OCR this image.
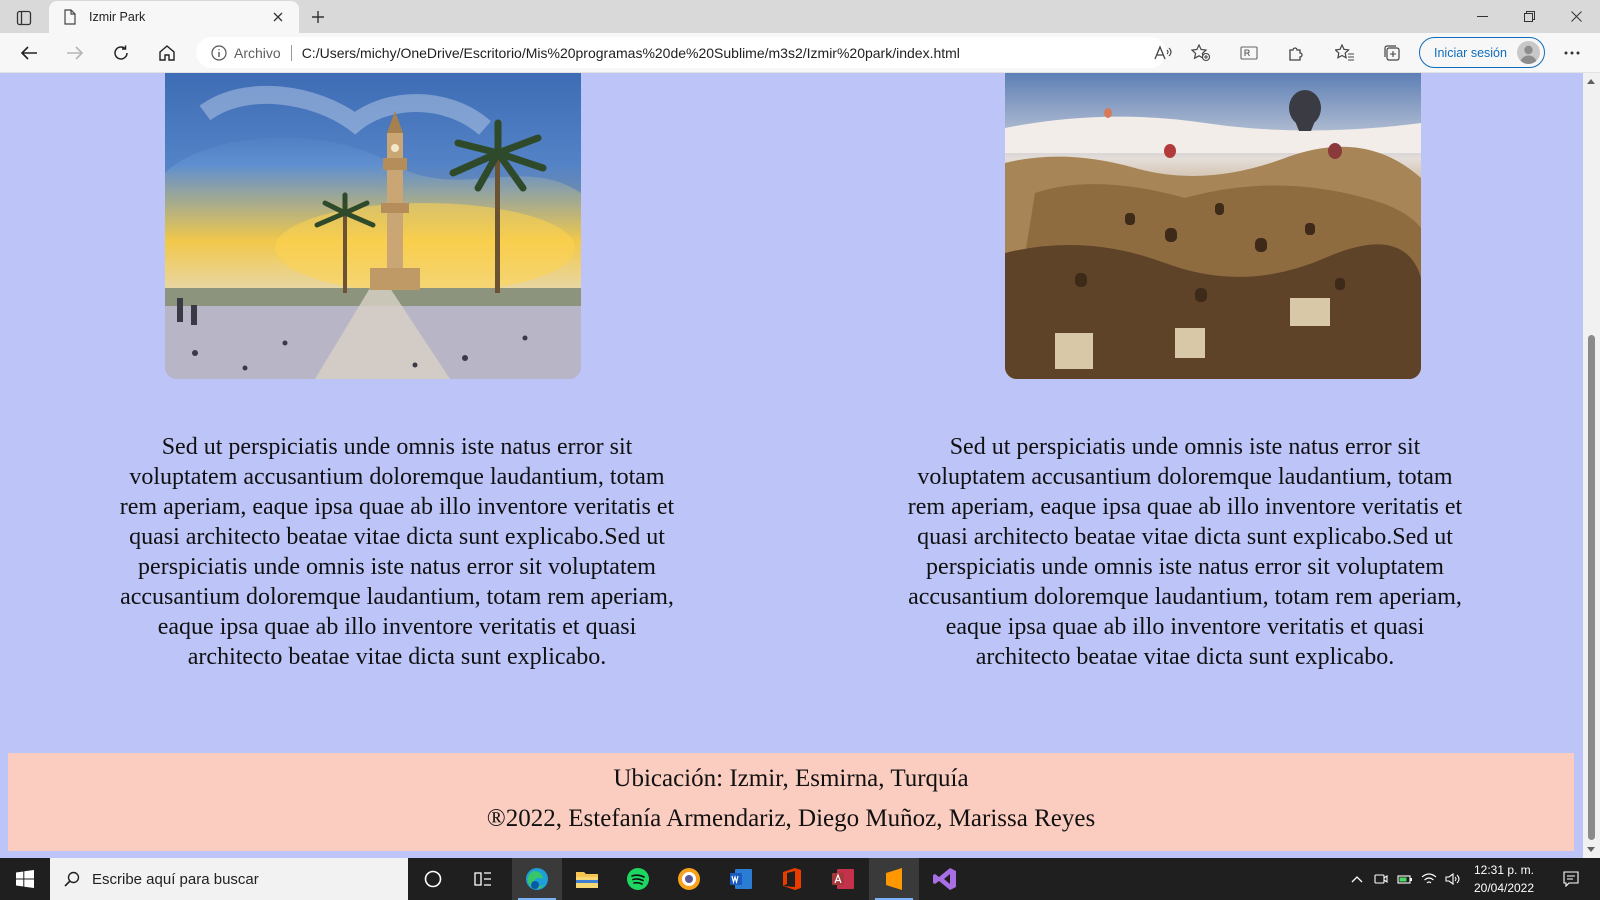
Izmir Park
Archivo C:/Users/michy/OneDrive/Escritorio/Mis%20programas%20de%20Sublime/m3s2/Izmir%20park/index.html	Iniciar sesión

Sed ut perspiciatis unde omnis iste natus error sit voluptatem accusantium doloremque laudantium, totam rem aperiam, eaque ipsa quae ab illo inventore veritatis et quasi architecto beatae vitae dicta sunt explicabo.Sed ut perspiciatis unde omnis iste natus error sit voluptatem accusantium doloremque laudantium, totam rem aperiam, eaque ipsa quae ab illo inventore veritatis et quasi architecto beatae vitae dicta sunt explicabo.

Sed ut perspiciatis unde omnis iste natus error sit voluptatem accusantium doloremque laudantium, totam rem aperiam, eaque ipsa quae ab illo inventore veritatis et quasi architecto beatae vitae dicta sunt explicabo.Sed ut perspiciatis unde omnis iste natus error sit voluptatem accusantium doloremque laudantium, totam rem aperiam, eaque ipsa quae ab illo inventore veritatis et quasi architecto beatae vitae dicta sunt explicabo.

Ubicación: Izmir, Esmirna, Turquía
®2022, Estefanía Armendariz, Diego Muñoz, Marissa Reyes
Escribe aquí para buscar
12:31 p. m.
20/04/2022
